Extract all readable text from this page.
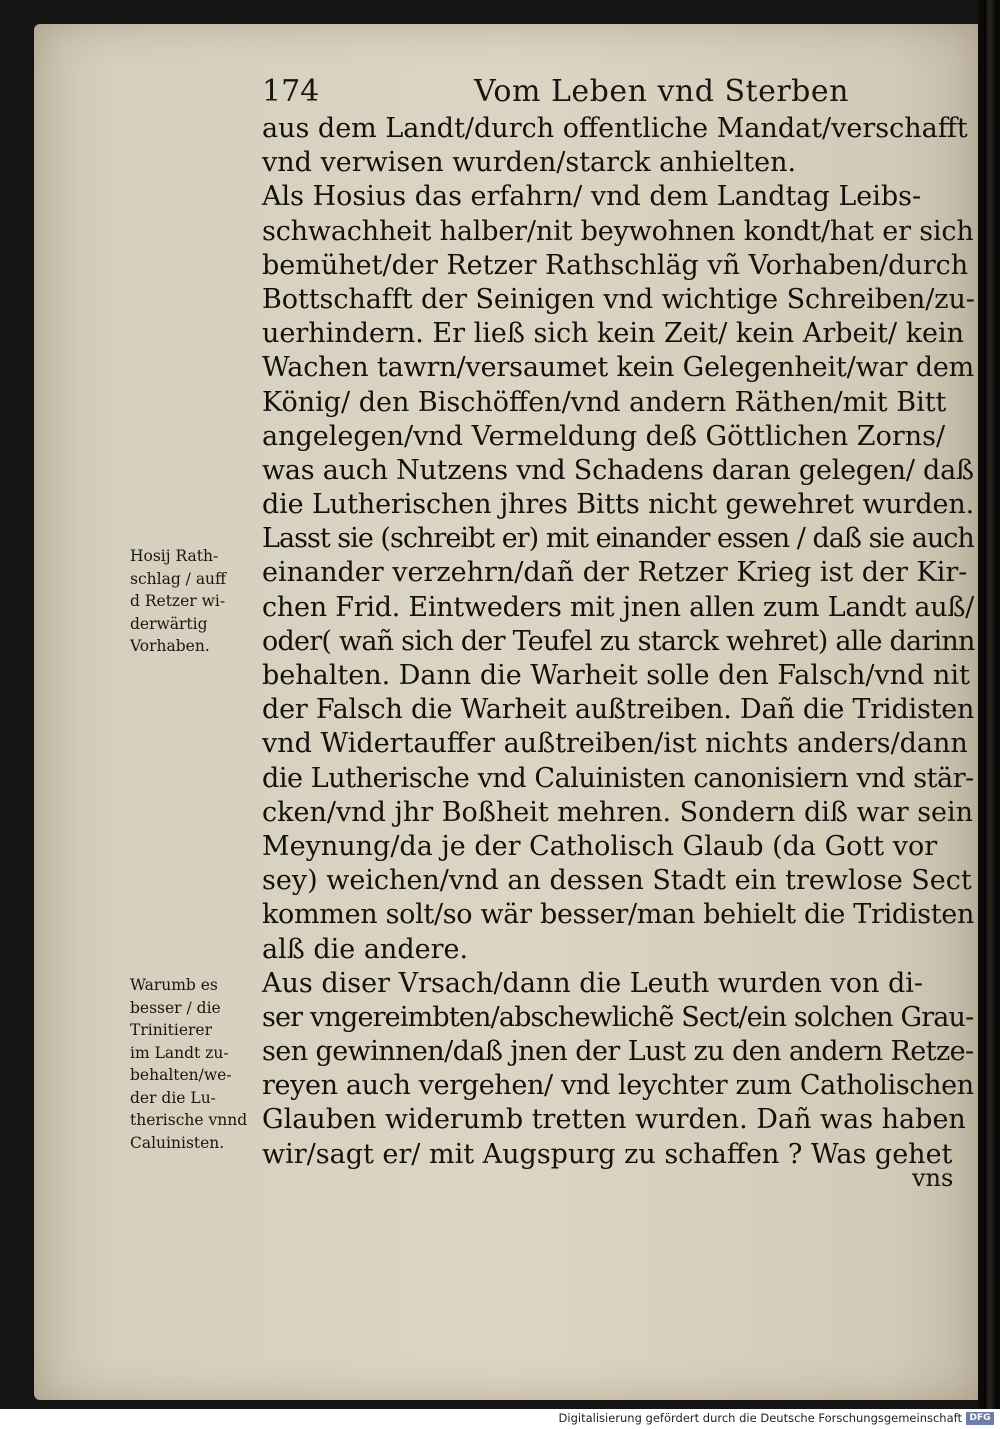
174	Vom Leben vnd Sterben
aus dem Landt/durch offentliche Mandat/verschafft
vnd verwisen wurden/starck anhielten.
Als Hosius das erfahrn/ vnd dem Landtag Leibs-
schwachheit halber/nit beywohnen kondt/hat er sich
bemühet/der Retzer Rathschläg vñ Vorhaben/durch
Bottschafft der Seinigen vnd wichtige Schreiben/zu-
uerhindern. Er ließ sich kein Zeit/ kein Arbeit/ kein
Wachen tawrn/versaumet kein Gelegenheit/war dem
König/ den Bischöffen/vnd andern Räthen/mit Bitt
angelegen/vnd Vermeldung deß Göttlichen Zorns/
was auch Nutzens vnd Schadens daran gelegen/ daß
die Lutherischen jhres Bitts nicht gewehret wurden.
Lasst sie (schreibt er) mit einander essen / daß sie auch
einander verzehrn/dañ der Retzer Krieg ist der Kir-
chen Frid. Eintweders mit jnen allen zum Landt auß/
oder( wañ sich der Teufel zu starck wehret) alle darinn
behalten. Dann die Warheit solle den Falsch/vnd nit
der Falsch die Warheit außtreiben. Dañ die Tridisten
vnd Widertauffer außtreiben/ist nichts anders/dann
die Lutherische vnd Caluinisten canonisiern vnd stär-
cken/vnd jhr Boßheit mehren. Sondern diß war sein
Meynung/da je der Catholisch Glaub (da Gott vor
sey) weichen/vnd an dessen Stadt ein trewlose Sect
kommen solt/so wär besser/man behielt die Tridisten
alß die andere.
Aus diser Vrsach/dann die Leuth wurden von di-
ser vngereimbten/abschewlichẽ Sect/ein solchen Grau-
sen gewinnen/daß jnen der Lust zu den andern Retze-
reyen auch vergehen/ vnd leychter zum Catholischen
Glauben widerumb tretten wurden. Dañ was haben
wir/sagt er/ mit Augspurg zu schaffen ? Was gehet
Hosij Rath-
schlag / auff
d Retzer wi-
derwärtig
Vorhaben.
Warumb es
besser / die
Trinitierer
im Landt zu-
behalten/we-
der die Lu-
therische vnnd
Caluinisten.
vns
Digitalisierung gefördert durch die Deutsche Forschungsgemeinschaft DFG
